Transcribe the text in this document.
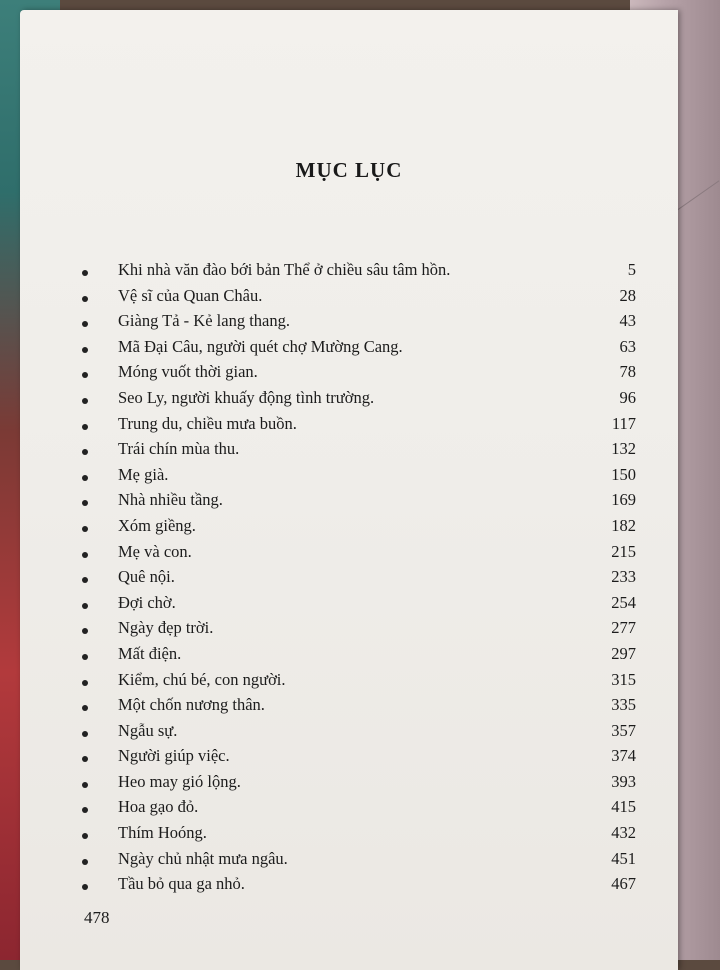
MỤC LỤC
Khi nhà văn đào bới bản Thể ở chiều sâu tâm hồn.	5
Vệ sĩ của Quan Châu.	28
Giàng Tả - Kẻ lang thang.	43
Mã Đại Câu, người quét chợ Mường Cang.	63
Móng vuốt thời gian.	78
Seo Ly, người khuấy động tình trường.	96
Trung du, chiều mưa buồn.	117
Trái chín mùa thu.	132
Mẹ già.	150
Nhà nhiều tầng.	169
Xóm giềng.	182
Mẹ và con.	215
Quê nội.	233
Đợi chờ.	254
Ngày đẹp trời.	277
Mất điện.	297
Kiểm, chú bé, con người.	315
Một chốn nương thân.	335
Ngẫu sự.	357
Người giúp việc.	374
Heo may gió lộng.	393
Hoa gạo đỏ.	415
Thím Hoóng.	432
Ngày chủ nhật mưa ngâu.	451
Tầu bỏ qua ga nhỏ.	467
478
